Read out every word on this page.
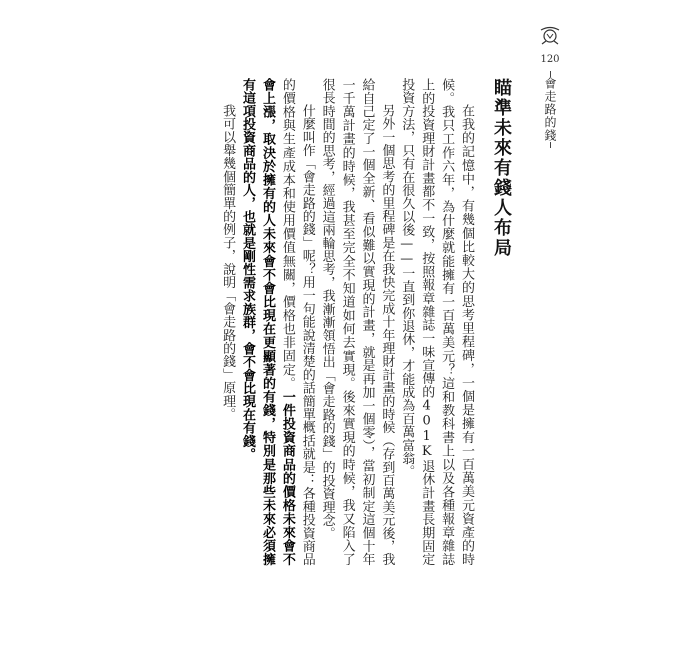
120
會走路的錢
瞄準未來有錢人布局

在我的記憶中，有幾個比較大的思考里程碑，一個是擁有一百萬美元資產的時候。我只工作六年，為什麼就能擁有一百萬美元？這和教科書上以及各種報章雜誌上的投資理財計畫都不一致，按照報章雜誌一味宣傳的401K退休計畫長期固定投資方法，只有在很久以後——一直到你退休，才能成為百萬富翁。

另外一個思考的里程碑是在我快完成十年理財計畫的時候（存到百萬美元後，我給自己定了一個全新、看似難以實現的計畫，就是再加一個零），當初制定這個十年一千萬計畫的時候，我甚至完全不知道如何去實現。後來實現的時候，我又陷入了很長時間的思考，經過這兩輪思考，我漸漸領悟出「會走路的錢」的投資理念。

什麼叫作「會走路的錢」呢？用一句能說清楚的話簡單概括就是：各種投資商品的價格與生產成本和使用價值無關，價格也非固定。一件投資商品的價格未來會不會上漲，取決於擁有的人未來會不會比現在更顯著的有錢，特別是那些未來必須擁有這項投資商品的人，也就是剛性需求族群，會不會比現在有錢。

我可以舉幾個簡單的例子，說明「會走路的錢」原理。
